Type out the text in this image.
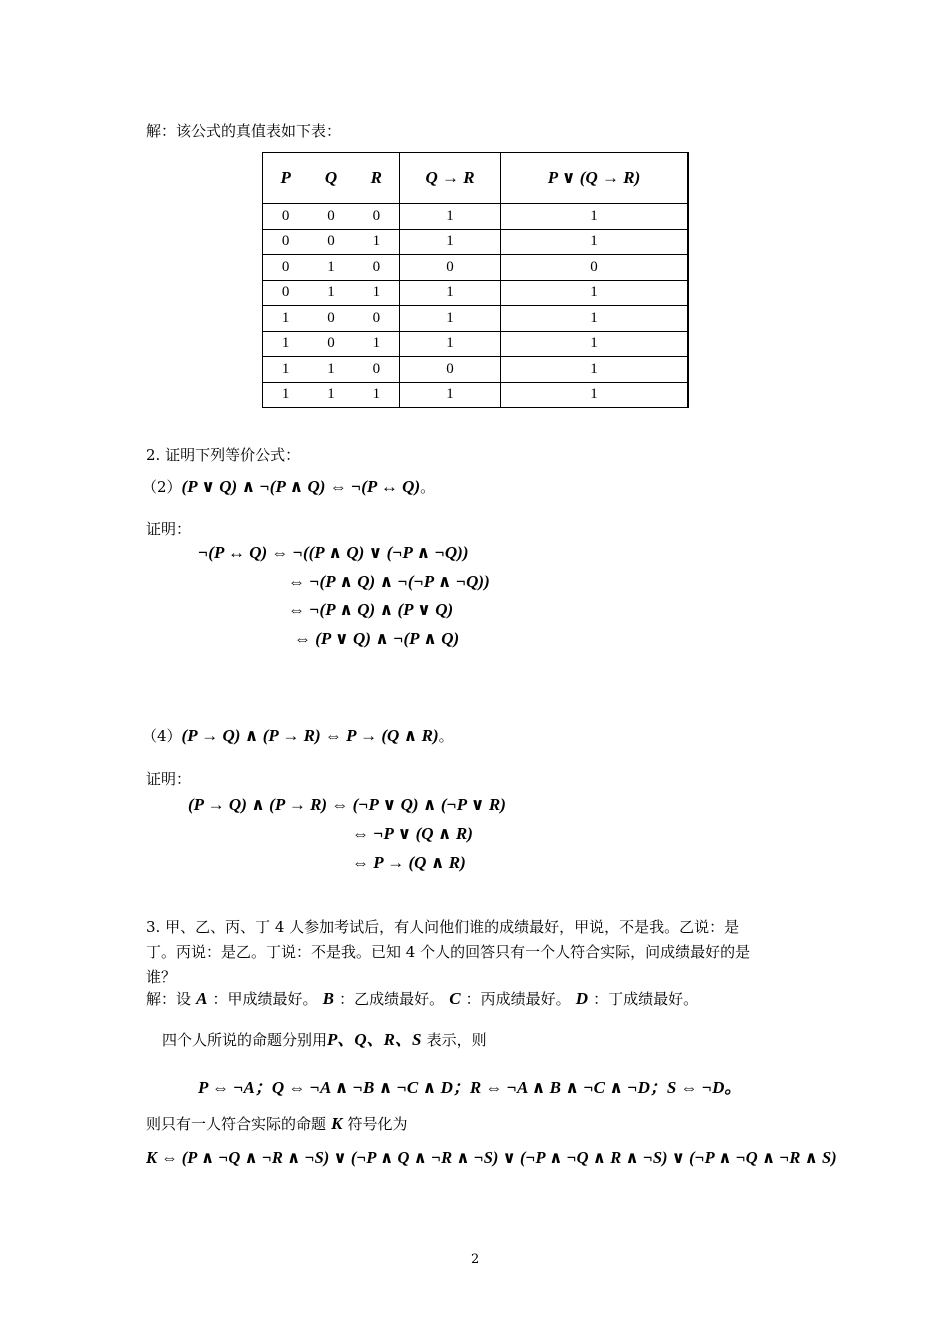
解：该公式的真值表如下表：
P Q R	Q → R	P ∨ (Q → R)

0 0 0	1	1

0 0 1	1	1

0 1 0	0	0

0 1 1	1	1

1 0 0	1	1

1 0 1	1	1

1 1 0	0	1

1 1 1	1	1
2. 证明下列等价公式：
（2）(P ∨ Q) ∧ ¬(P ∧ Q) ⇔ ¬(P ↔ Q)。
证明：
¬(P ↔ Q) ⇔ ¬((P ∧ Q) ∨ (¬P ∧ ¬Q))
⇔ ¬(P ∧ Q) ∧ ¬(¬P ∧ ¬Q))
⇔ ¬(P ∧ Q) ∧ (P ∨ Q)
⇔ (P ∨ Q) ∧ ¬(P ∧ Q)
（4）(P → Q) ∧ (P → R) ⇔ P → (Q ∧ R)。
证明：
(P → Q) ∧ (P → R) ⇔ (¬P ∨ Q) ∧ (¬P ∨ R)
⇔ ¬P ∨ (Q ∧ R)
⇔ P → (Q ∧ R)
3. 甲、乙、丙、丁 4 人参加考试后，有人问他们谁的成绩最好，甲说，不是我。乙说：是
丁。丙说：是乙。丁说：不是我。已知 4 个人的回答只有一个人符合实际，问成绩最好的是
谁？
解：设 A ：甲成绩最好。 B ：乙成绩最好。 C ：丙成绩最好。 D ：丁成绩最好。
四个人所说的命题分别用P、Q、R、S 表示，则
P ⇔ ¬A；Q ⇔ ¬A ∧ ¬B ∧ ¬C ∧ D；R ⇔ ¬A ∧ B ∧ ¬C ∧ ¬D；S ⇔ ¬D。
则只有一人符合实际的命题 K 符号化为
K ⇔ (P ∧ ¬Q ∧ ¬R ∧ ¬S) ∨ (¬P ∧ Q ∧ ¬R ∧ ¬S) ∨ (¬P ∧ ¬Q ∧ R ∧ ¬S) ∨ (¬P ∧ ¬Q ∧ ¬R ∧ S)
2
